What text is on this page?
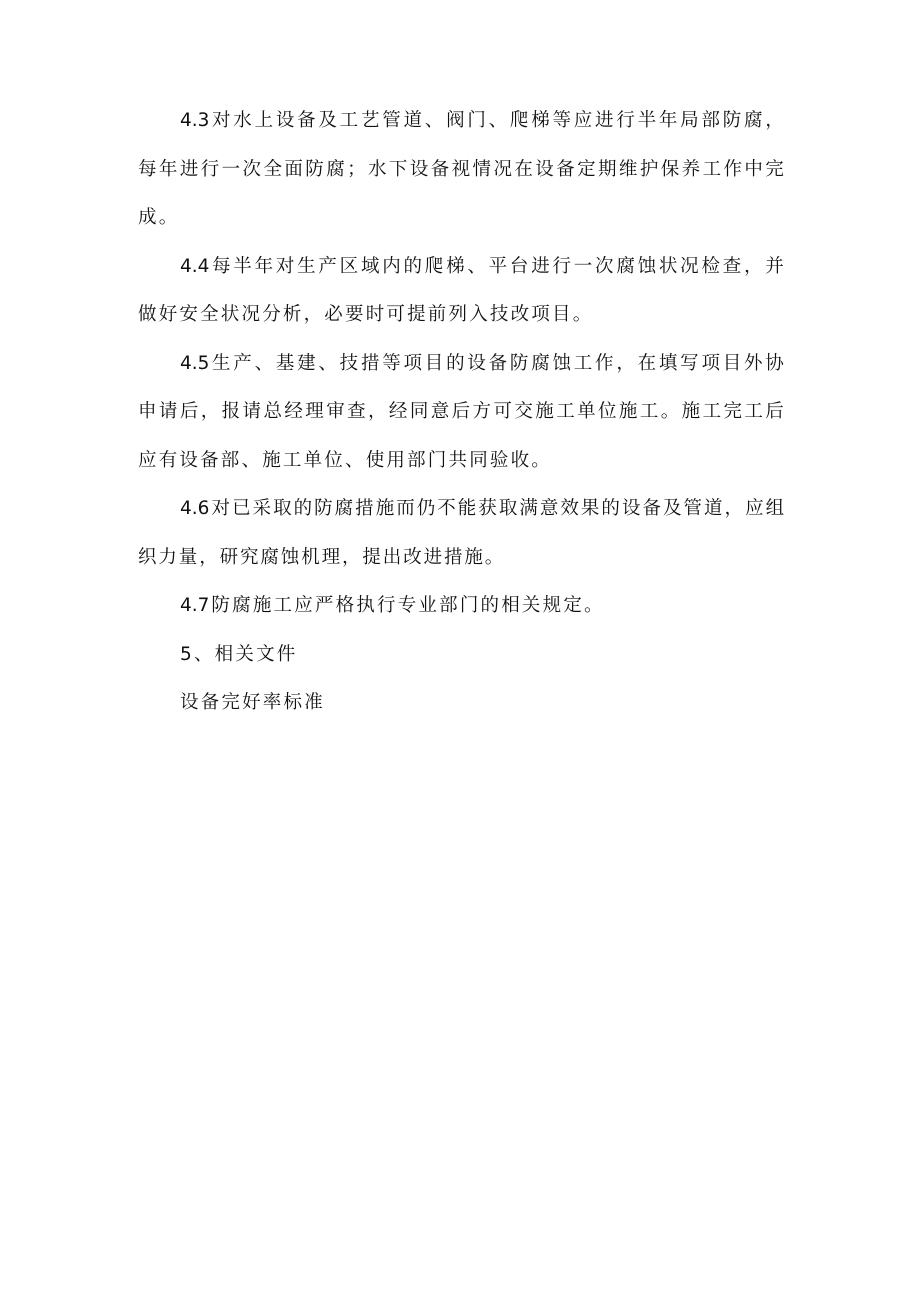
4.3 对水上设备及工艺管道、阀门、爬梯等应进行半年局部防腐，每年进行一次全面防腐；水下设备视情况在设备定期维护保养工作中完成。

4.4 每半年对生产区域内的爬梯、平台进行一次腐蚀状况检查，并做好安全状况分析，必要时可提前列入技改项目。

4.5 生产、基建、技措等项目的设备防腐蚀工作，在填写项目外协申请后，报请总经理审查，经同意后方可交施工单位施工。施工完工后应有设备部、施工单位、使用部门共同验收。

4.6 对已采取的防腐措施而仍不能获取满意效果的设备及管道，应组织力量，研究腐蚀机理，提出改进措施。

4.7 防腐施工应严格执行专业部门的相关规定。

5、相关文件

设备完好率标准
